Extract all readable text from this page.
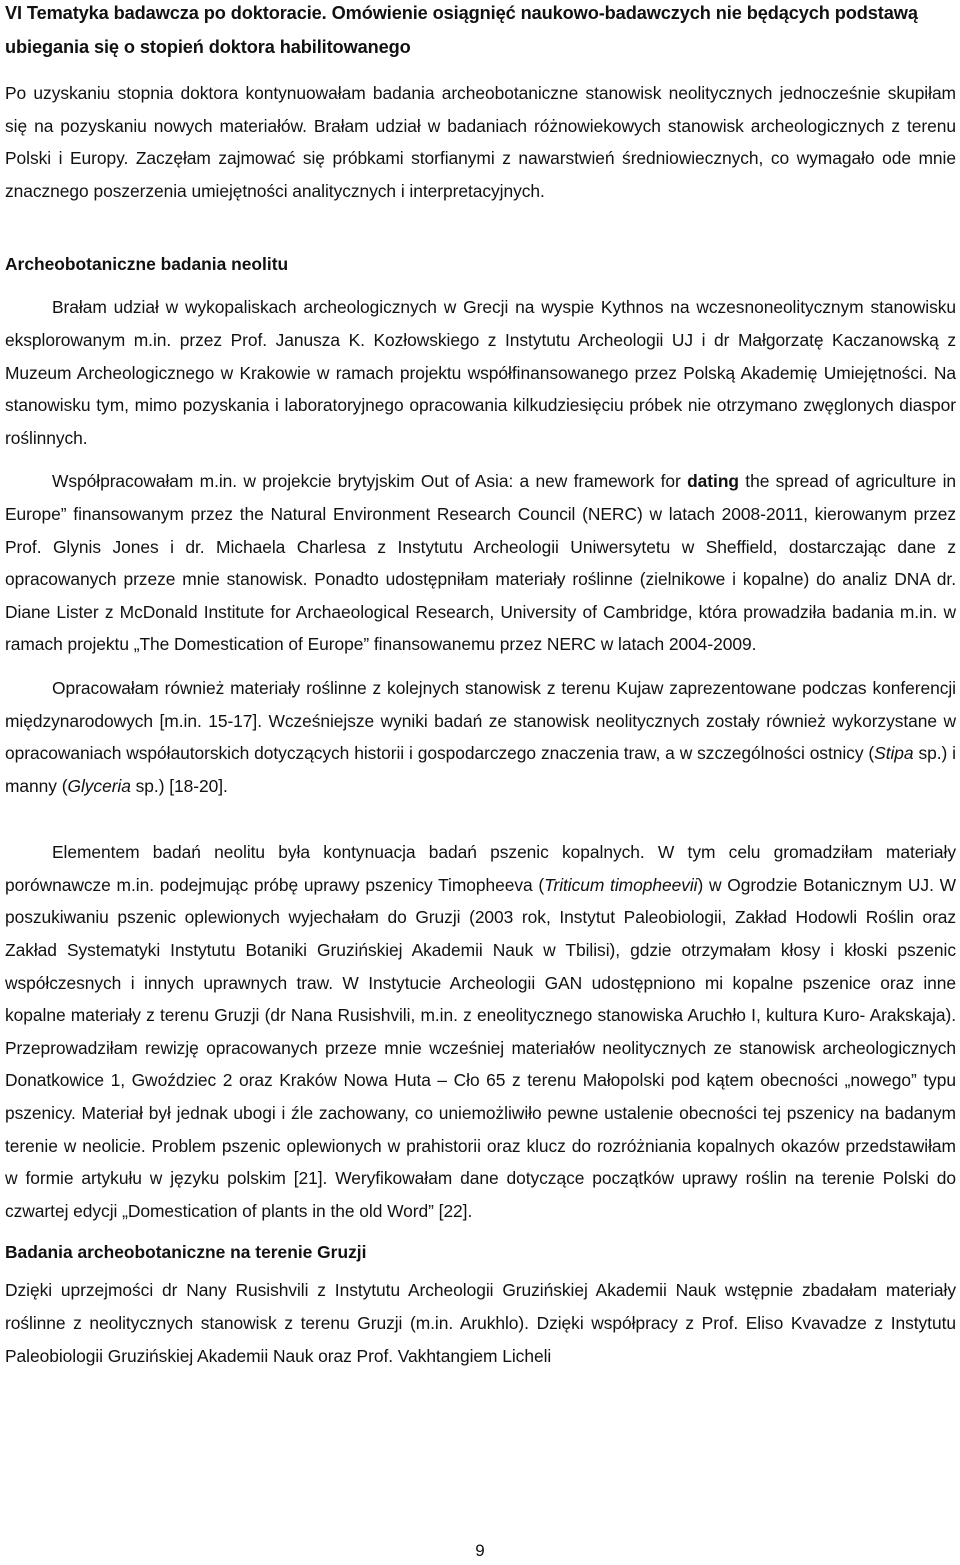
VI Tematyka badawcza po doktoracie. Omówienie osiągnięć naukowo-badawczych nie będących podstawą ubiegania się o stopień doktora habilitowanego

Po uzyskaniu stopnia doktora kontynuowałam badania archeobotaniczne stanowisk neolitycznych jednocześnie skupiłam się na pozyskaniu nowych materiałów. Brałam udział w badaniach różnowiekowych stanowisk archeologicznych z terenu Polski i Europy. Zaczęłam zajmować się próbkami storfianymi z nawarstwień średniowiecznych, co wymagało ode mnie znacznego poszerzenia umiejętności analitycznych i interpretacyjnych.

Archeobotaniczne badania neolitu

Brałam udział w wykopaliskach archeologicznych w Grecji na wyspie Kythnos na wczesnoneolitycznym stanowisku eksplorowanym m.in. przez Prof. Janusza K. Kozłowskiego z Instytutu Archeologii UJ i dr Małgorzatę Kaczanowską z Muzeum Archeologicznego w Krakowie w ramach projektu współfinansowanego przez Polską Akademię Umiejętności. Na stanowisku tym, mimo pozyskania i laboratoryjnego opracowania kilkudziesięciu próbek nie otrzymano zwęglonych diaspor roślinnych.

Współpracowałam m.in. w projekcie brytyjskim Out of Asia: a new framework for dating the spread of agriculture in Europe” finansowanym przez the Natural Environment Research Council (NERC) w latach 2008-2011, kierowanym przez Prof. Glynis Jones i dr. Michaela Charlesa z Instytutu Archeologii Uniwersytetu w Sheffield, dostarczając dane z opracowanych przeze mnie stanowisk. Ponadto udostępniłam materiały roślinne (zielnikowe i kopalne) do analiz DNA dr. Diane Lister z McDonald Institute for Archaeological Research, University of Cambridge, która prowadziła badania m.in. w ramach projektu „The Domestication of Europe” finansowanemu przez NERC w latach 2004-2009.

Opracowałam również materiały roślinne z kolejnych stanowisk z terenu Kujaw zaprezentowane podczas konferencji międzynarodowych [m.in. 15-17]. Wcześniejsze wyniki badań ze stanowisk neolitycznych zostały również wykorzystane w opracowaniach współautorskich dotyczących historii i gospodarczego znaczenia traw, a w szczególności ostnicy (Stipa sp.) i manny (Glyceria sp.) [18-20].

Elementem badań neolitu była kontynuacja badań pszenic kopalnych. W tym celu gromadziłam materiały porównawcze m.in. podejmując próbę uprawy pszenicy Timopheeva (Triticum timopheevii) w Ogrodzie Botanicznym UJ. W poszukiwaniu pszenic oplewionych wyjechałam do Gruzji (2003 rok, Instytut Paleobiologii, Zakład Hodowli Roślin oraz Zakład Systematyki Instytutu Botaniki Gruzińskiej Akademii Nauk w Tbilisi), gdzie otrzymałam kłosy i kłoski pszenic współczesnych i innych uprawnych traw. W Instytucie Archeologii GAN udostępniono mi kopalne pszenice oraz inne kopalne materiały z terenu Gruzji (dr Nana Rusishvili, m.in. z eneolitycznego stanowiska Aruchło I, kultura Kuro- Arakskaja). Przeprowadziłam rewizję opracowanych przeze mnie wcześniej materiałów neolitycznych ze stanowisk archeologicznych Donatkowice 1, Gwoździec 2 oraz Kraków Nowa Huta – Cło 65 z terenu Małopolski pod kątem obecności „nowego” typu pszenicy. Materiał był jednak ubogi i źle zachowany, co uniemożliwiło pewne ustalenie obecności tej pszenicy na badanym terenie w neolicie. Problem pszenic oplewionych w prahistorii oraz klucz do rozróżniania kopalnych okazów przedstawiłam w formie artykułu w języku polskim [21]. Weryfikowałam dane dotyczące początków uprawy roślin na terenie Polski do czwartej edycji „Domestication of plants in the old Word” [22].

Badania archeobotaniczne na terenie Gruzji

Dzięki uprzejmości dr Nany Rusishvili z Instytutu Archeologii Gruzińskiej Akademii Nauk wstępnie zbadałam materiały roślinne z neolitycznych stanowisk z terenu Gruzji (m.in. Arukhlo). Dzięki współpracy z Prof. Eliso Kvavadze z Instytutu Paleobiologii Gruzińskiej Akademii Nauk oraz Prof. Vakhtangiem Licheli

9
